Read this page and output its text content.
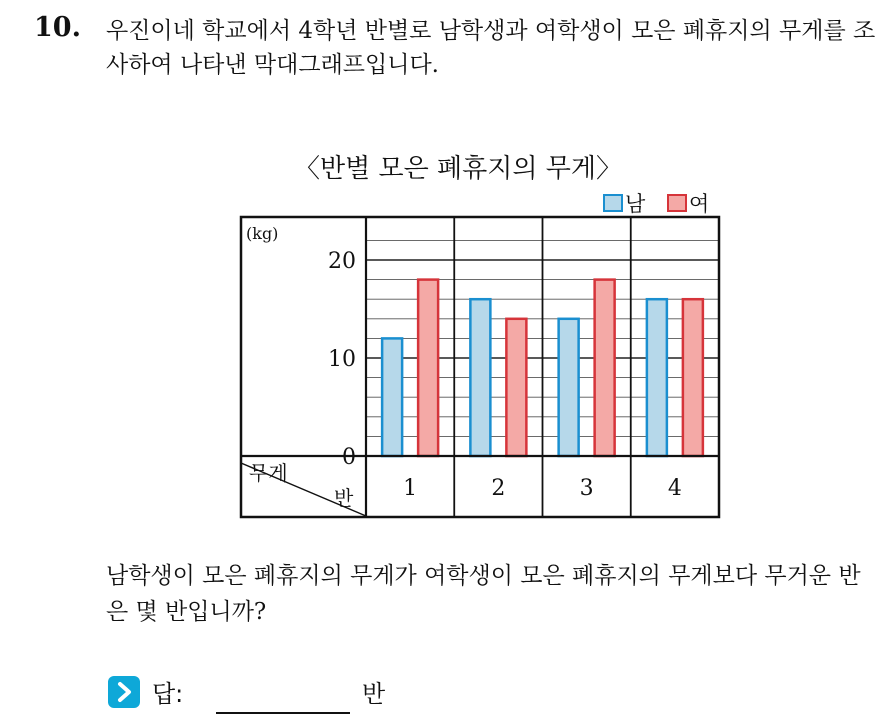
10. 우진이네 학교에서 4학년 반별로 남학생과 여학생이 모은 폐휴지의 무게를 조사하여 나타낸 막대그래프입니다.
〈반별 모은 폐휴지의 무게〉
남 여
(kg)
0
10
20
1	2	3	4
무게
반
남학생이 모은 폐휴지의 무게가 여학생이 모은 폐휴지의 무게보다 무거운 반은 몇 반입니까?
답:	반
